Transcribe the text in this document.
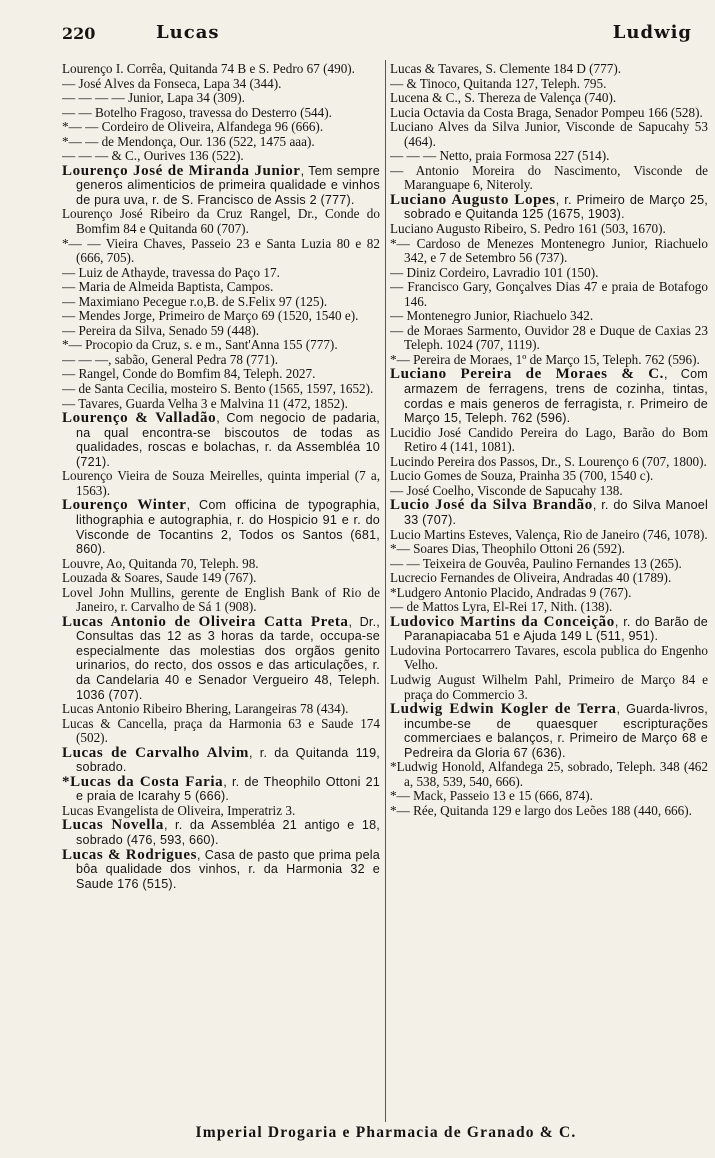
220	Lucas	Ludwig

Lourenço I. Corrêa, Quitanda 74 B e S. Pedro 67 (490).

— José Alves da Fonseca, Lapa 34 (344).

— — — — Junior, Lapa 34 (309).

— — Botelho Fragoso, travessa do Desterro (544).

*— — Cordeiro de Oliveira, Alfandega 96 (666).

*— — de Mendonça, Our. 136 (522, 1475 aaa).

— — — & C., Ourives 136 (522).

Lourenço José de Miranda Junior, Tem sempre generos alimenticios de primeira qualidade e vinhos de pura uva, r. de S. Francisco de Assis 2 (777).

Lourenço José Ribeiro da Cruz Rangel, Dr., Conde do Bomfim 84 e Quitanda 60 (707).

*— — Vieira Chaves, Passeio 23 e Santa Luzia 80 e 82 (666, 705).

— Luiz de Athayde, travessa do Paço 17.

— Maria de Almeida Baptista, Campos.

— Maximiano Pecegue r.o,B. de S.Felix 97 (125).

— Mendes Jorge, Primeiro de Março 69 (1520, 1540 e).

— Pereira da Silva, Senado 59 (448).

*— Procopio da Cruz, s. e m., Sant'Anna 155 (777).

— — —, sabão, General Pedra 78 (771).

— Rangel, Conde do Bomfim 84, Teleph. 2027.

— de Santa Cecilia, mosteiro S. Bento (1565, 1597, 1652).

— Tavares, Guarda Velha 3 e Malvina 11 (472, 1852).

Lourenço & Valladão, Com negocio de padaria, na qual encontra-se biscoutos de todas as qualidades, roscas e bolachas, r. da Assembléa 10 (721).

Lourenço Vieira de Souza Meirelles, quinta imperial (7 a, 1563).

Lourenço Winter, Com officina de typographia, lithographia e autographia, r. do Hospicio 91 e r. do Visconde de Tocantins 2, Todos os Santos (681, 860).

Louvre, Ao, Quitanda 70, Teleph. 98.

Louzada & Soares, Saude 149 (767).

Lovel John Mullins, gerente de English Bank of Rio de Janeiro, r. Carvalho de Sá 1 (908).

Lucas Antonio de Oliveira Catta Preta, Dr., Consultas das 12 as 3 horas da tarde, occupa-se especialmente das molestias dos orgãos genito urinarios, do recto, dos ossos e das articulações, r. da Candelaria 40 e Senador Vergueiro 48, Teleph. 1036 (707).

Lucas Antonio Ribeiro Bhering, Larangeiras 78 (434).

Lucas & Cancella, praça da Harmonia 63 e Saude 174 (502).

Lucas de Carvalho Alvim, r. da Quitanda 119, sobrado.

*Lucas da Costa Faria, r. de Theophilo Ottoni 21 e praia de Icarahy 5 (666).

Lucas Evangelista de Oliveira, Imperatriz 3.

Lucas Novella, r. da Assembléa 21 antigo e 18, sobrado (476, 593, 660).

Lucas & Rodrigues, Casa de pasto que prima pela bôa qualidade dos vinhos, r. da Harmonia 32 e Saude 176 (515).

Lucas & Tavares, S. Clemente 184 D (777).

— & Tinoco, Quitanda 127, Teleph. 795.

Lucena & C., S. Thereza de Valença (740).

Lucia Octavia da Costa Braga, Senador Pompeu 166 (528).

Luciano Alves da Silva Junior, Visconde de Sapucahy 53 (464).

— — — Netto, praia Formosa 227 (514).

— Antonio Moreira do Nascimento, Visconde de Maranguape 6, Niteroly.

Luciano Augusto Lopes, r. Primeiro de Março 25, sobrado e Quitanda 125 (1675, 1903).

Luciano Augusto Ribeiro, S. Pedro 161 (503, 1670).

*— Cardoso de Menezes Montenegro Junior, Riachuelo 342, e 7 de Setembro 56 (737).

— Diniz Cordeiro, Lavradio 101 (150).

— Francisco Gary, Gonçalves Dias 47 e praia de Botafogo 146.

— Montenegro Junior, Riachuelo 342.

— de Moraes Sarmento, Ouvidor 28 e Duque de Caxias 23 Teleph. 1024 (707, 1119).

*— Pereira de Moraes, 1º de Março 15, Teleph. 762 (596).

Luciano Pereira de Moraes & C., Com armazem de ferragens, trens de cozinha, tintas, cordas e mais generos de ferragista, r. Primeiro de Março 15, Teleph. 762 (596).

Lucidio José Candido Pereira do Lago, Barão do Bom Retiro 4 (141, 1081).

Lucindo Pereira dos Passos, Dr., S. Lourenço 6 (707, 1800).

Lucio Gomes de Souza, Prainha 35 (700, 1540 c).

— José Coelho, Visconde de Sapucahy 138.

Lucio José da Silva Brandão, r. do Silva Manoel 33 (707).

Lucio Martins Esteves, Valença, Rio de Janeiro (746, 1078).

*— Soares Dias, Theophilo Ottoni 26 (592).

— — Teixeira de Gouvêa, Paulino Fernandes 13 (265).

Lucrecio Fernandes de Oliveira, Andradas 40 (1789).

*Ludgero Antonio Placido, Andradas 9 (767).

— de Mattos Lyra, El-Rei 17, Nith. (138).

Ludovico Martins da Conceição, r. do Barão de Paranapiacaba 51 e Ajuda 149 L (511, 951).

Ludovina Portocarrero Tavares, escola publica do Engenho Velho.

Ludwig August Wilhelm Pahl, Primeiro de Março 84 e praça do Commercio 3.

Ludwig Edwin Kogler de Terra, Guarda-livros, incumbe-se de quaesquer escripturações commerciaes e balanços, r. Primeiro de Março 68 e Pedreira da Gloria 67 (636).

*Ludwig Honold, Alfandega 25, sobrado, Teleph. 348 (462 a, 538, 539, 540, 666).

*— Mack, Passeio 13 e 15 (666, 874).

*— Rée, Quitanda 129 e largo dos Leões 188 (440, 666).

Imperial Drogaria e Pharmacia de Granado & C.
